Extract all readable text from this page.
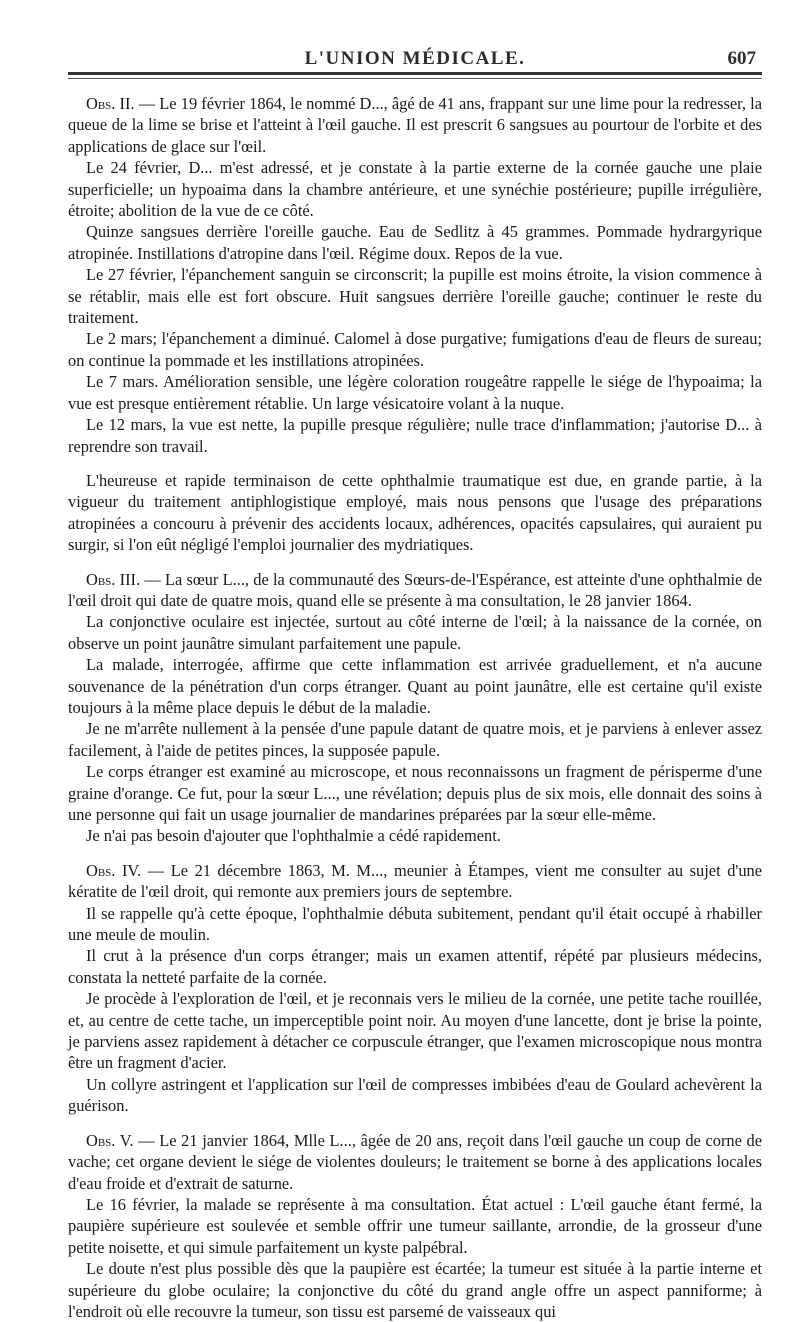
L'UNION MÉDICALE.	607

Obs. II. — Le 19 février 1864, le nommé D..., âgé de 41 ans, frappant sur une lime pour la redresser, la queue de la lime se brise et l'atteint à l'œil gauche. Il est prescrit 6 sangsues au pourtour de l'orbite et des applications de glace sur l'œil.

Le 24 février, D... m'est adressé, et je constate à la partie externe de la cornée gauche une plaie superficielle; un hypoaima dans la chambre antérieure, et une synéchie postérieure; pupille irrégulière, étroite; abolition de la vue de ce côté.

Quinze sangsues derrière l'oreille gauche. Eau de Sedlitz à 45 grammes. Pommade hydrargyrique atropinée. Instillations d'atropine dans l'œil. Régime doux. Repos de la vue.

Le 27 février, l'épanchement sanguin se circonscrit; la pupille est moins étroite, la vision commence à se rétablir, mais elle est fort obscure. Huit sangsues derrière l'oreille gauche; continuer le reste du traitement.

Le 2 mars; l'épanchement a diminué. Calomel à dose purgative; fumigations d'eau de fleurs de sureau; on continue la pommade et les instillations atropinées.

Le 7 mars. Amélioration sensible, une légère coloration rougeâtre rappelle le siége de l'hypoaima; la vue est presque entièrement rétablie. Un large vésicatoire volant à la nuque.

Le 12 mars, la vue est nette, la pupille presque régulière; nulle trace d'inflammation; j'autorise D... à reprendre son travail.

L'heureuse et rapide terminaison de cette ophthalmie traumatique est due, en grande partie, à la vigueur du traitement antiphlogistique employé, mais nous pensons que l'usage des préparations atropinées a concouru à prévenir des accidents locaux, adhérences, opacités capsulaires, qui auraient pu surgir, si l'on eût négligé l'emploi journalier des mydriatiques.

Obs. III. — La sœur L..., de la communauté des Sœurs-de-l'Espérance, est atteinte d'une ophthalmie de l'œil droit qui date de quatre mois, quand elle se présente à ma consultation, le 28 janvier 1864.

La conjonctive oculaire est injectée, surtout au côté interne de l'œil; à la naissance de la cornée, on observe un point jaunâtre simulant parfaitement une papule.

La malade, interrogée, affirme que cette inflammation est arrivée graduellement, et n'a aucune souvenance de la pénétration d'un corps étranger. Quant au point jaunâtre, elle est certaine qu'il existe toujours à la même place depuis le début de la maladie.

Je ne m'arrête nullement à la pensée d'une papule datant de quatre mois, et je parviens à enlever assez facilement, à l'aide de petites pinces, la supposée papule.

Le corps étranger est examiné au microscope, et nous reconnaissons un fragment de périsperme d'une graine d'orange. Ce fut, pour la sœur L..., une révélation; depuis plus de six mois, elle donnait des soins à une personne qui fait un usage journalier de mandarines préparées par la sœur elle-même.

Je n'ai pas besoin d'ajouter que l'ophthalmie a cédé rapidement.

Obs. IV. — Le 21 décembre 1863, M. M..., meunier à Étampes, vient me consulter au sujet d'une kératite de l'œil droit, qui remonte aux premiers jours de septembre.

Il se rappelle qu'à cette époque, l'ophthalmie débuta subitement, pendant qu'il était occupé à rhabiller une meule de moulin.

Il crut à la présence d'un corps étranger; mais un examen attentif, répété par plusieurs médecins, constata la netteté parfaite de la cornée.

Je procède à l'exploration de l'œil, et je reconnais vers le milieu de la cornée, une petite tache rouillée, et, au centre de cette tache, un imperceptible point noir. Au moyen d'une lancette, dont je brise la pointe, je parviens assez rapidement à détacher ce corpuscule étranger, que l'examen microscopique nous montra être un fragment d'acier.

Un collyre astringent et l'application sur l'œil de compresses imbibées d'eau de Goulard achevèrent la guérison.

Obs. V. — Le 21 janvier 1864, Mlle L..., âgée de 20 ans, reçoit dans l'œil gauche un coup de corne de vache; cet organe devient le siége de violentes douleurs; le traitement se borne à des applications locales d'eau froide et d'extrait de saturne.

Le 16 février, la malade se représente à ma consultation. État actuel : L'œil gauche étant fermé, la paupière supérieure est soulevée et semble offrir une tumeur saillante, arrondie, de la grosseur d'une petite noisette, et qui simule parfaitement un kyste palpébral.

Le doute n'est plus possible dès que la paupière est écartée; la tumeur est située à la partie interne et supérieure du globe oculaire; la conjonctive du côté du grand angle offre un aspect panniforme; à l'endroit où elle recouvre la tumeur, son tissu est parsemé de vaisseaux qui
